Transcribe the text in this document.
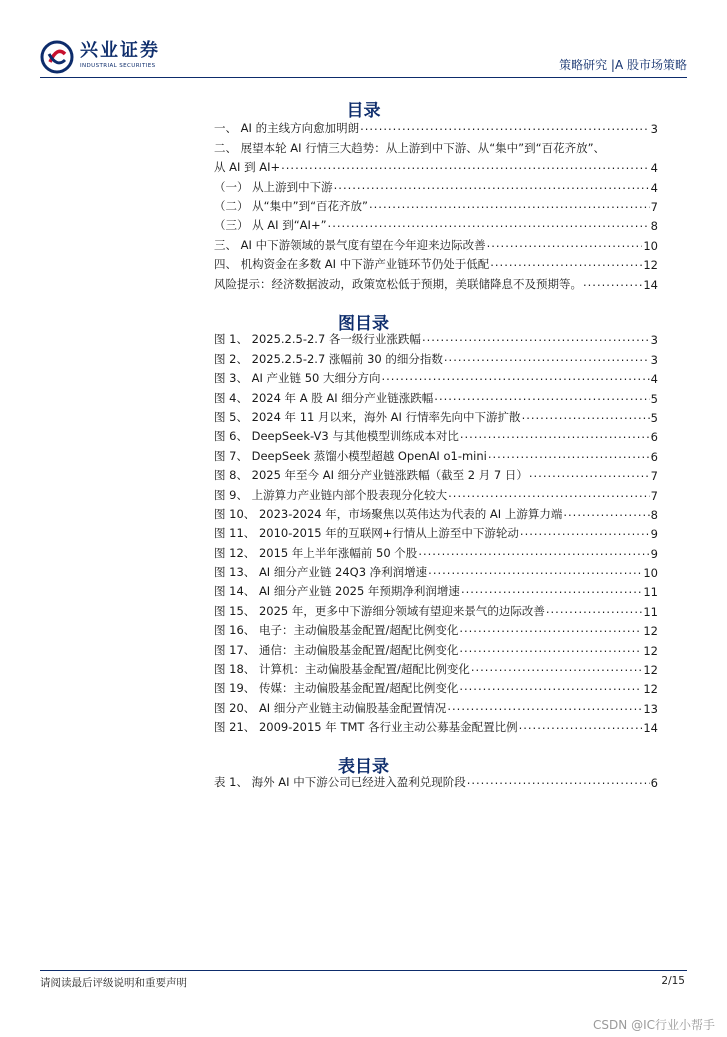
兴业证券
INDUSTRIAL SECURITIES	策略研究 |A 股市场策略
目录
一、 AI 的主线方向愈加明朗 .....	3
二、 展望本轮 AI 行情三大趋势：从上游到中下游、从“集中”到“百花齐放”、
从 AI 到 AI+ .....	4
（一） 从上游到中下游 .....	4
（二） 从“集中”到“百花齐放” .....	7
（三） 从 AI 到“AI+” .....	8
三、 AI 中下游领域的景气度有望在今年迎来边际改善 .....	10
四、 机构资金在多数 AI 中下游产业链环节仍处于低配 .....	12
风险提示：经济数据波动，政策宽松低于预期，美联储降息不及预期等。 .....	14
图目录
图 1、 2025.2.5-2.7 各一级行业涨跌幅 .....	3
图 2、 2025.2.5-2.7 涨幅前 30 的细分指数 .....	3
图 3、 AI 产业链 50 大细分方向 .....	4
图 4、 2024 年 A 股 AI 细分产业链涨跌幅 .....	5
图 5、 2024 年 11 月以来，海外 AI 行情率先向中下游扩散 .....	5
图 6、 DeepSeek-V3 与其他模型训练成本对比 .....	6
图 7、 DeepSeek 蒸馏小模型超越 OpenAI o1-mini .....	6
图 8、 2025 年至今 AI 细分产业链涨跌幅（截至 2 月 7 日） .....	7
图 9、 上游算力产业链内部个股表现分化较大 .....	7
图 10、 2023-2024 年，市场聚焦以英伟达为代表的 AI 上游算力端 .....	8
图 11、 2010-2015 年的互联网+行情从上游至中下游轮动 .....	9
图 12、 2015 年上半年涨幅前 50 个股 .....	9
图 13、 AI 细分产业链 24Q3 净利润增速 .....	10
图 14、 AI 细分产业链 2025 年预期净利润增速 .....	11
图 15、 2025 年，更多中下游细分领域有望迎来景气的边际改善 .....	11
图 16、 电子：主动偏股基金配置/超配比例变化 .....	12
图 17、 通信：主动偏股基金配置/超配比例变化 .....	12
图 18、 计算机：主动偏股基金配置/超配比例变化 .....	12
图 19、 传媒：主动偏股基金配置/超配比例变化 .....	12
图 20、 AI 细分产业链主动偏股基金配置情况 .....	13
图 21、 2009-2015 年 TMT 各行业主动公募基金配置比例 .....	14
表目录
表 1、 海外 AI 中下游公司已经进入盈利兑现阶段 .....	6
请阅读最后评级说明和重要声明	2/15
CSDN @IC行业小帮手
